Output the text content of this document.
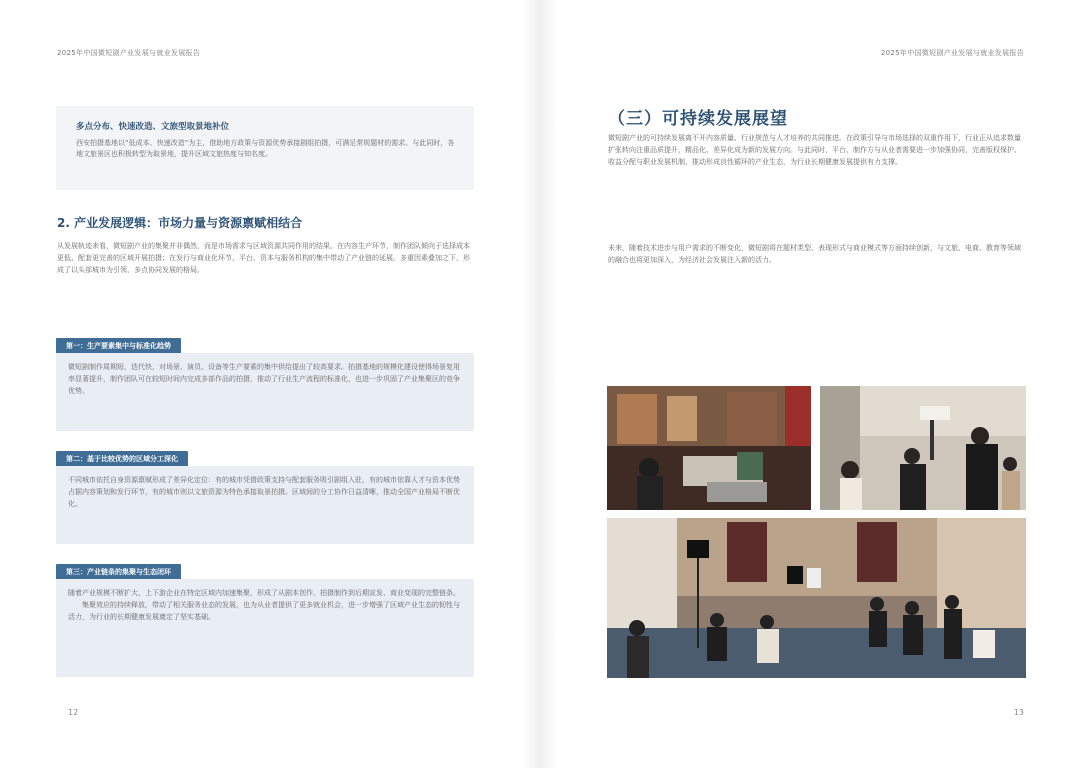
2025年中国微短剧产业发展与就业发展报告
多点分布、快速改造、文旅型取景地补位
西安拍摄基地以“低成本、快速改造”为主，借助地方政策与资源优势承接剧组拍摄，可满足常规题材的需求。与此同时，各地文旅景区也积极转型为取景地，提升区域文旅热度与知名度。
2. 产业发展逻辑：市场力量与资源禀赋相结合
从发展轨迹来看，微短剧产业的集聚并非偶然，而是市场需求与区域资源共同作用的结果。在内容生产环节，制作团队倾向于选择成本更低、配套更完善的区域开展拍摄；在发行与商业化环节，平台、资本与服务机构的集中带动了产业链的延展。多重因素叠加之下，形成了以头部城市为引领、多点协同发展的格局。
第一：生产要素集中与标准化趋势
微短剧制作周期短、迭代快，对场景、演员、设备等生产要素的集中供给提出了较高要求。拍摄基地的规模化建设使得场景复用率显著提升，制作团队可在较短时间内完成多部作品的拍摄，推动了行业生产流程的标准化，也进一步巩固了产业集聚区的竞争优势。
第二：基于比较优势的区域分工深化
不同城市依托自身资源禀赋形成了差异化定位：有的城市凭借政策支持与配套服务吸引剧组入驻，有的城市依靠人才与资本优势占据内容策划和发行环节，有的城市则以文旅资源为特色承接取景拍摄。区域间的分工协作日益清晰，推动全国产业格局不断优化。
第三：产业链条的集聚与生态闭环
随着产业规模不断扩大，上下游企业在特定区域内加速集聚，形成了从剧本创作、拍摄制作到后期宣发、商业变现的完整链条。
　　集聚效应的持续释放，带动了相关服务业态的发展，也为从业者提供了更多就业机会，进一步增强了区域产业生态的韧性与活力，为行业的长期健康发展奠定了坚实基础。
12
2025年中国微短剧产业发展与就业发展报告
（三）可持续发展展望
微短剧产业的可持续发展离不开内容质量、行业规范与人才培养的共同推进。在政策引导与市场选择的双重作用下，行业正从追求数量扩张转向注重品质提升，精品化、差异化成为新的发展方向。与此同时，平台、制作方与从业者需要进一步加强协同，完善版权保护、收益分配与职业发展机制，推动形成良性循环的产业生态，为行业长期健康发展提供有力支撑。
未来，随着技术进步与用户需求的不断变化，微短剧将在题材类型、表现形式与商业模式等方面持续创新，与文旅、电商、教育等领域的融合也将更加深入，为经济社会发展注入新的活力。
13
